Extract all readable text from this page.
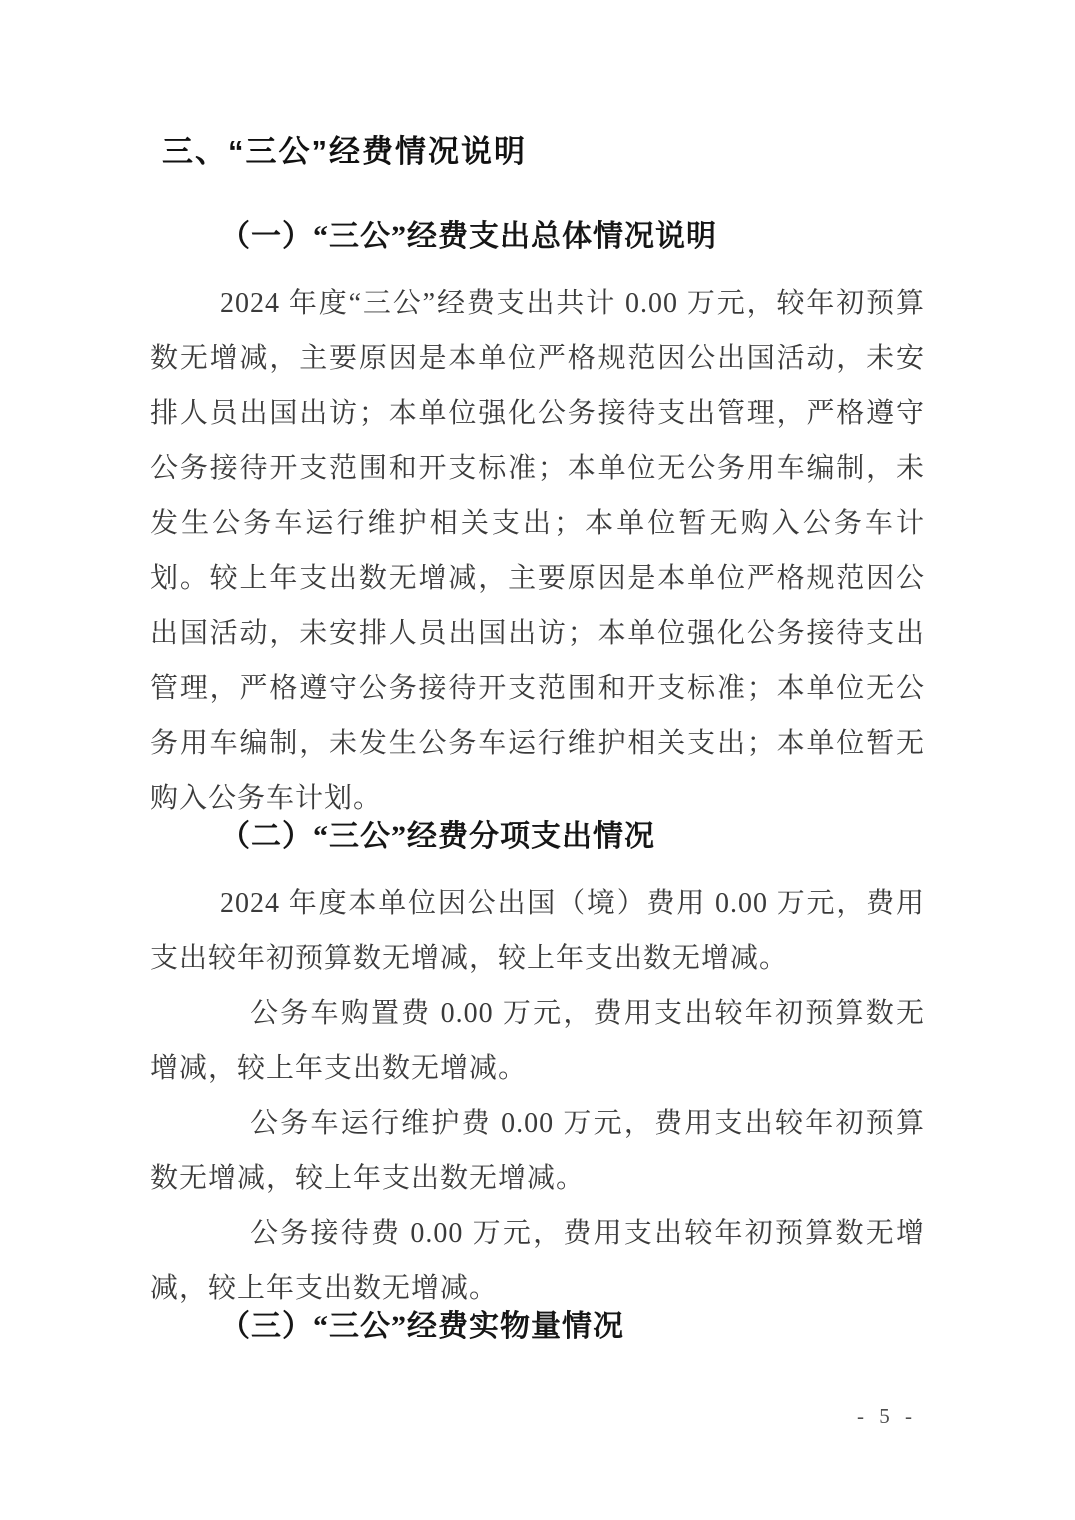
三、“三公”经费情况说明
（一）“三公”经费支出总体情况说明

2024 年度“三公”经费支出共计 0.00 万元，较年初预算数无增减，主要原因是本单位严格规范因公出国活动，未安排人员出国出访；本单位强化公务接待支出管理，严格遵守公务接待开支范围和开支标准；本单位无公务用车编制，未发生公务车运行维护相关支出；本单位暂无购入公务车计划。较上年支出数无增减，主要原因是本单位严格规范因公出国活动，未安排人员出国出访；本单位强化公务接待支出管理，严格遵守公务接待开支范围和开支标准；本单位无公务用车编制，未发生公务车运行维护相关支出；本单位暂无购入公务车计划。

（二）“三公”经费分项支出情况

2024 年度本单位因公出国（境）费用 0.00 万元，费用支出较年初预算数无增减，较上年支出数无增减。

公务车购置费 0.00 万元，费用支出较年初预算数无增减，较上年支出数无增减。

公务车运行维护费 0.00 万元，费用支出较年初预算数无增减，较上年支出数无增减。

公务接待费 0.00 万元，费用支出较年初预算数无增减，较上年支出数无增减。

（三）“三公”经费实物量情况
- 5 -
